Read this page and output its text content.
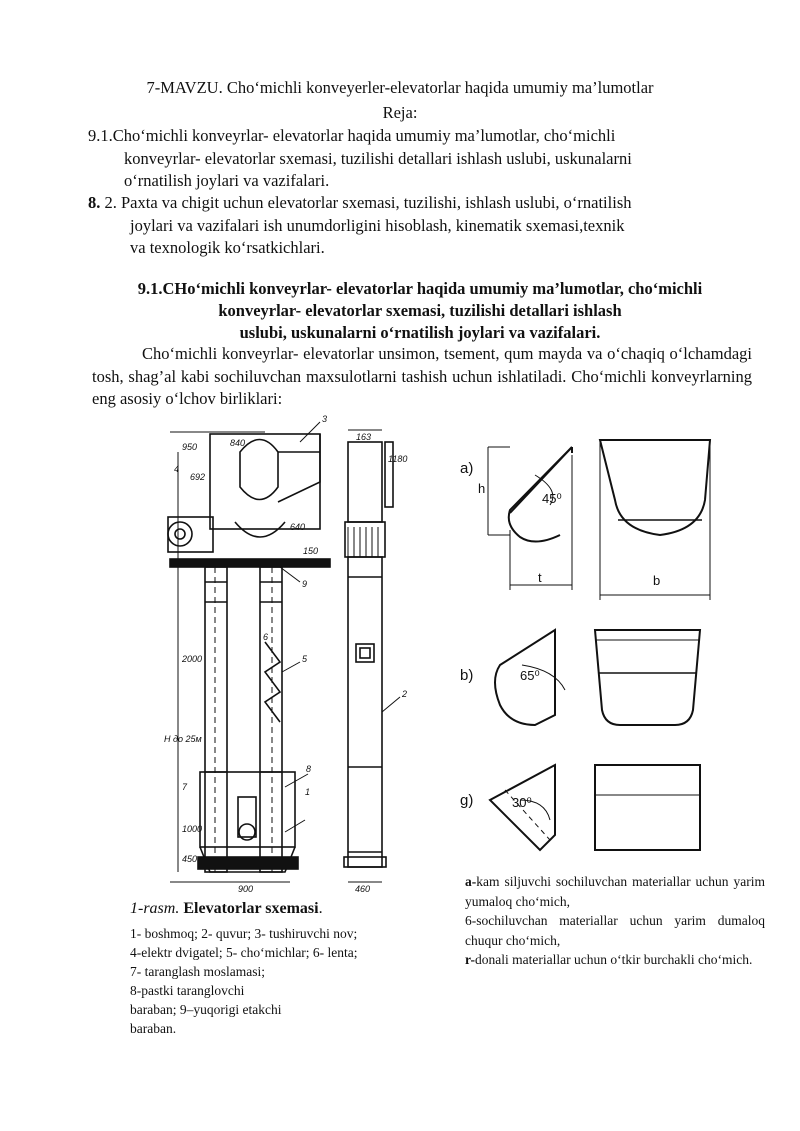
7-MAVZU. Cho‘michli konveyerler-elevatorlar haqida umumiy ma’lumotlar
Reja:
9.1.Cho‘michli konveyrlar- elevatorlar haqida umumiy ma’lumotlar, cho‘michli
konveyrlar- elevatorlar sxemasi, tuzilishi detallari ishlash uslubi, uskunalarni
o‘rnatilish joylari va vazifalari.
8. 2. Paxta va chigit uchun elevatorlar sxemasi, tuzilishi, ishlash uslubi, o‘rnatilish
joylari va vazifalari ish unumdorligini hisoblash, kinematik sxemasi,texnik
va texnologik ko‘rsatkichlari.
9.1.CHo‘michli konveyrlar- elevatorlar haqida umumiy ma’lumotlar, cho‘michli
konveyrlar- elevatorlar sxemasi, tuzilishi detallari ishlash
uslubi, uskunalarni o‘rnatilish joylari va vazifalari.
Cho‘michli konveyrlar- elevatorlar unsimon, tsement, qum mayda va o‘chaqiq o‘lchamdagi tosh, shag’al kabi sochiluvchan maxsulotlarni tashish uchun ishlatiladi. Cho‘michli konveyrlarning eng asosiy o‘lchov birliklari:
950	840
692
163
1180
640
150
2000
Н до 25м
1000
450
900	460
1
2
3
4
5
6
7
8
9
1-rasm. Elevatorlar sxemasi.
1- boshmoq; 2- quvur; 3- tushiruvchi nov;
4-elektr dvigatel; 5- cho‘michlar; 6- lenta;
7- taranglash moslamasi;
8-pastki taranglovchi
baraban; 9–yuqorigi etakchi
baraban.
a)
b)
g)
h
t	b
45⁰
65⁰
30⁰
a-kam siljuvchi sochiluvchan materiallar uchun yarim yumaloq cho‘mich,
6-sochiluvchan materiallar uchun yarim dumaloq chuqur cho‘mich,
r-donali materiallar uchun o‘tkir burchakli cho‘mich.
